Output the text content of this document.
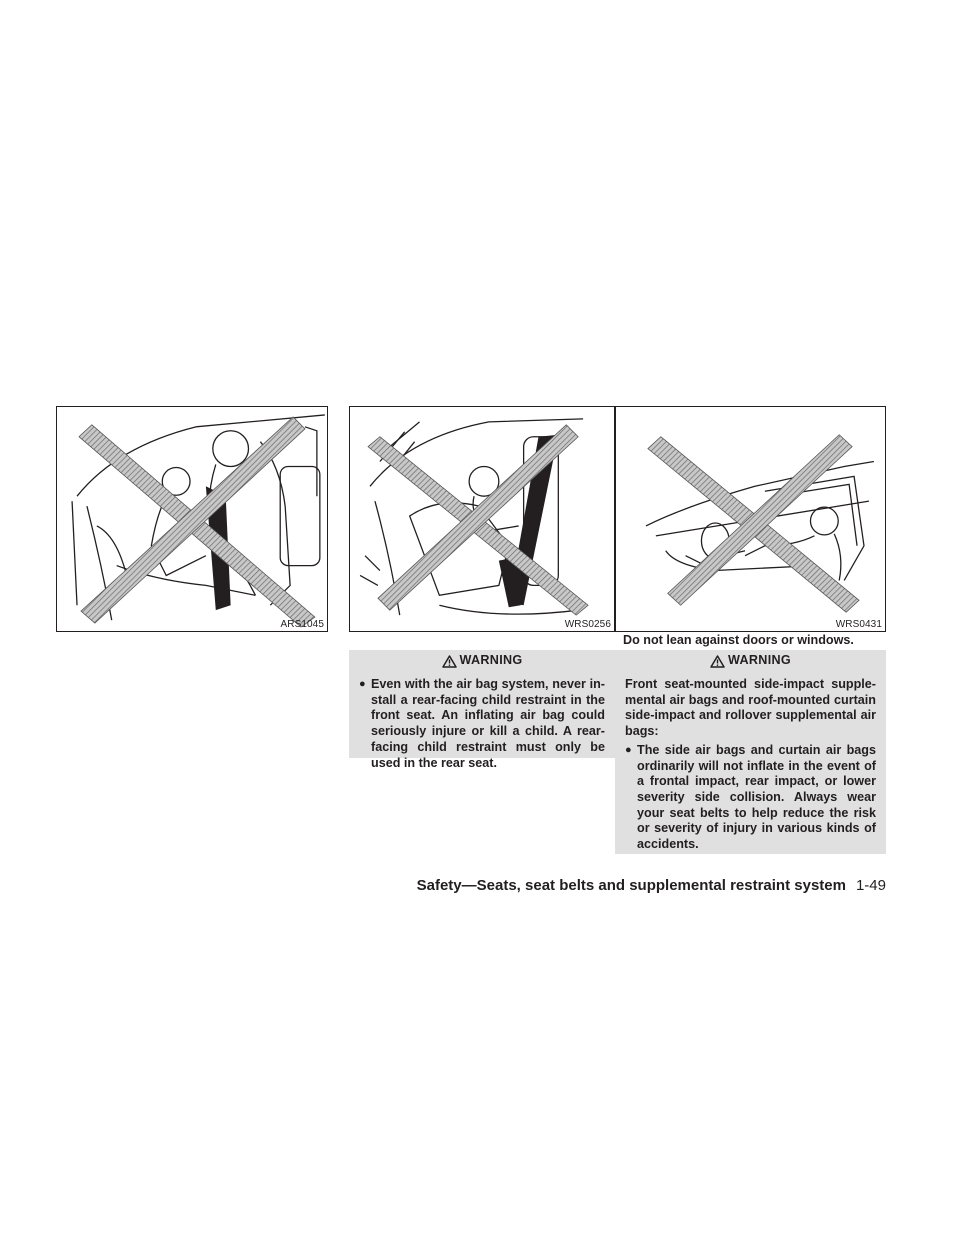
ARS1045	WRS0256	WRS0431
Do not lean against doors or windows.
WARNING
● Even with the air bag system, never in-stall a rear-facing child restraint in the front seat. An inflating air bag could seriously injure or kill a child. A rear-facing child restraint must only be used in the rear seat.
WARNING

Front seat-mounted side-impact supple-mental air bags and roof-mounted curtain side-impact and rollover supplemental air bags:

● The side air bags and curtain air bags ordinarily will not inflate in the event of a frontal impact, rear impact, or lower severity side collision. Always wear your seat belts to help reduce the risk or severity of injury in various kinds of accidents.
Safety—Seats, seat belts and supplemental restraint system 1-49
